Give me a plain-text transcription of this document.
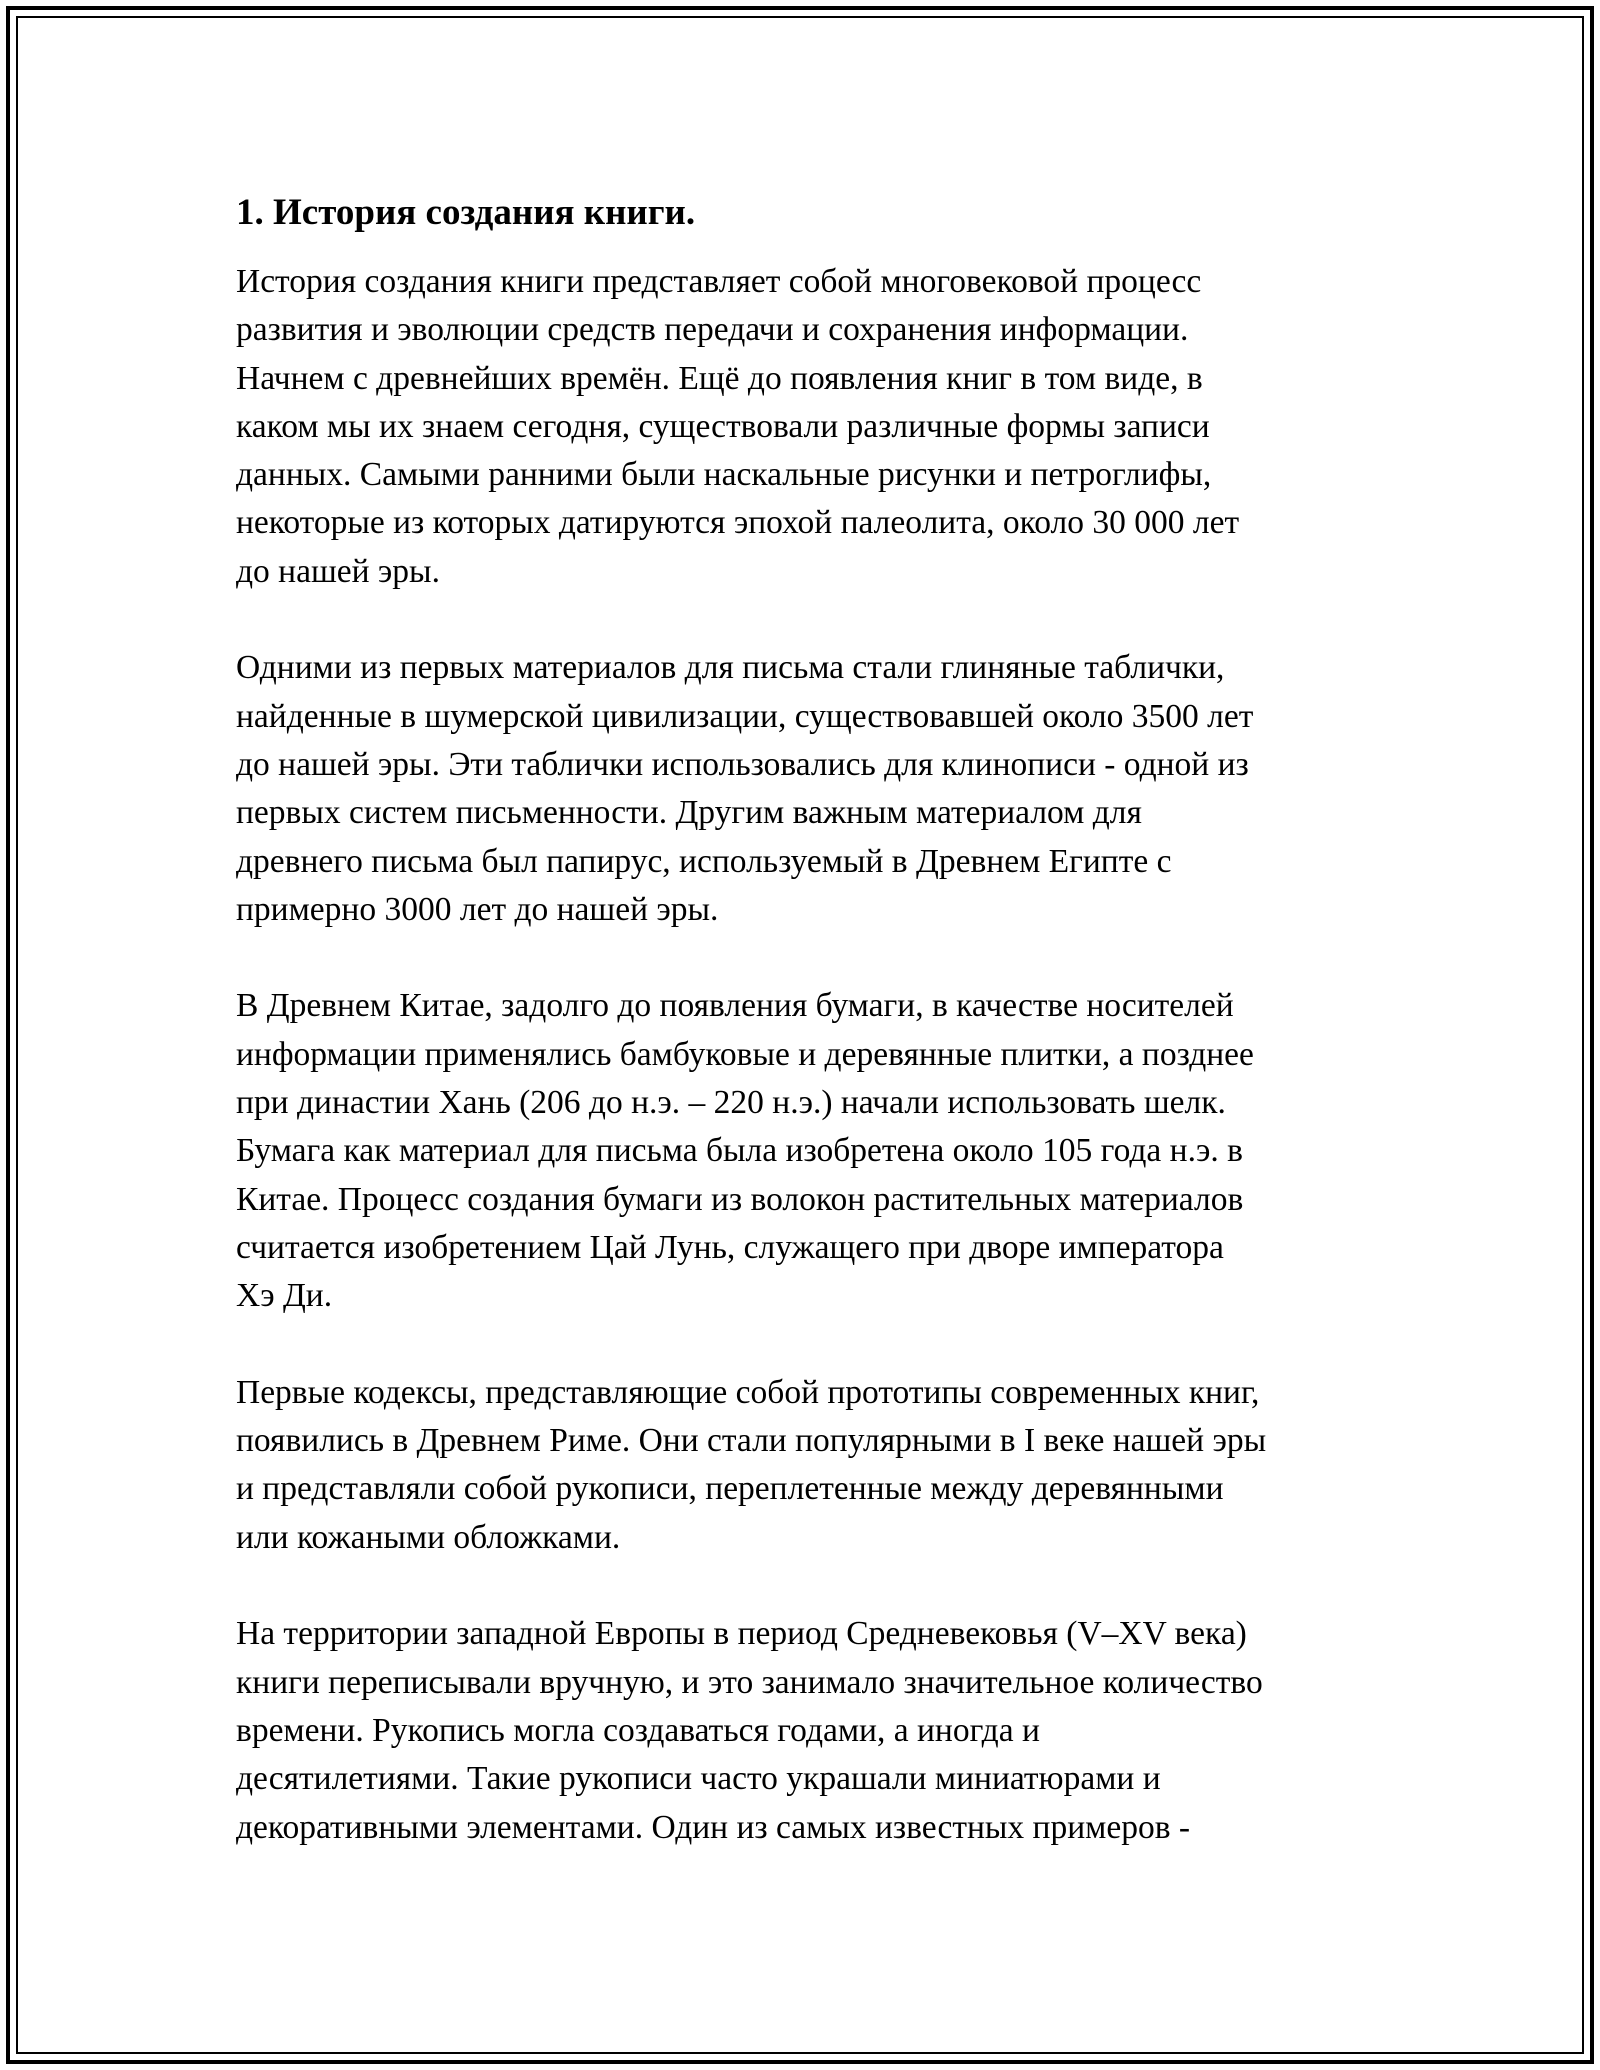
1. История создания книги.

История создания книги представляет собой многовековой процесс
развития и эволюции средств передачи и сохранения информации.
Начнем с древнейших времён. Ещё до появления книг в том виде, в
каком мы их знаем сегодня, существовали различные формы записи
данных. Самыми ранними были наскальные рисунки и петроглифы,
некоторые из которых датируются эпохой палеолита, около 30 000 лет
до нашей эры.

Одними из первых материалов для письма стали глиняные таблички,
найденные в шумерской цивилизации, существовавшей около 3500 лет
до нашей эры. Эти таблички использовались для клинописи - одной из
первых систем письменности. Другим важным материалом для
древнего письма был папирус, используемый в Древнем Египте с
примерно 3000 лет до нашей эры.

В Древнем Китае, задолго до появления бумаги, в качестве носителей
информации применялись бамбуковые и деревянные плитки, а позднее
при династии Хань (206 до н.э. – 220 н.э.) начали использовать шелк.
Бумага как материал для письма была изобретена около 105 года н.э. в
Китае. Процесс создания бумаги из волокон растительных материалов
считается изобретением Цай Лунь, служащего при дворе императора
Хэ Ди.

Первые кодексы, представляющие собой прототипы современных книг,
появились в Древнем Риме. Они стали популярными в I веке нашей эры
и представляли собой рукописи, переплетенные между деревянными
или кожаными обложками.

На территории западной Европы в период Средневековья (V–XV века)
книги переписывали вручную, и это занимало значительное количество
времени. Рукопись могла создаваться годами, а иногда и
десятилетиями. Такие рукописи часто украшали миниатюрами и
декоративными элементами. Один из самых известных примеров -
